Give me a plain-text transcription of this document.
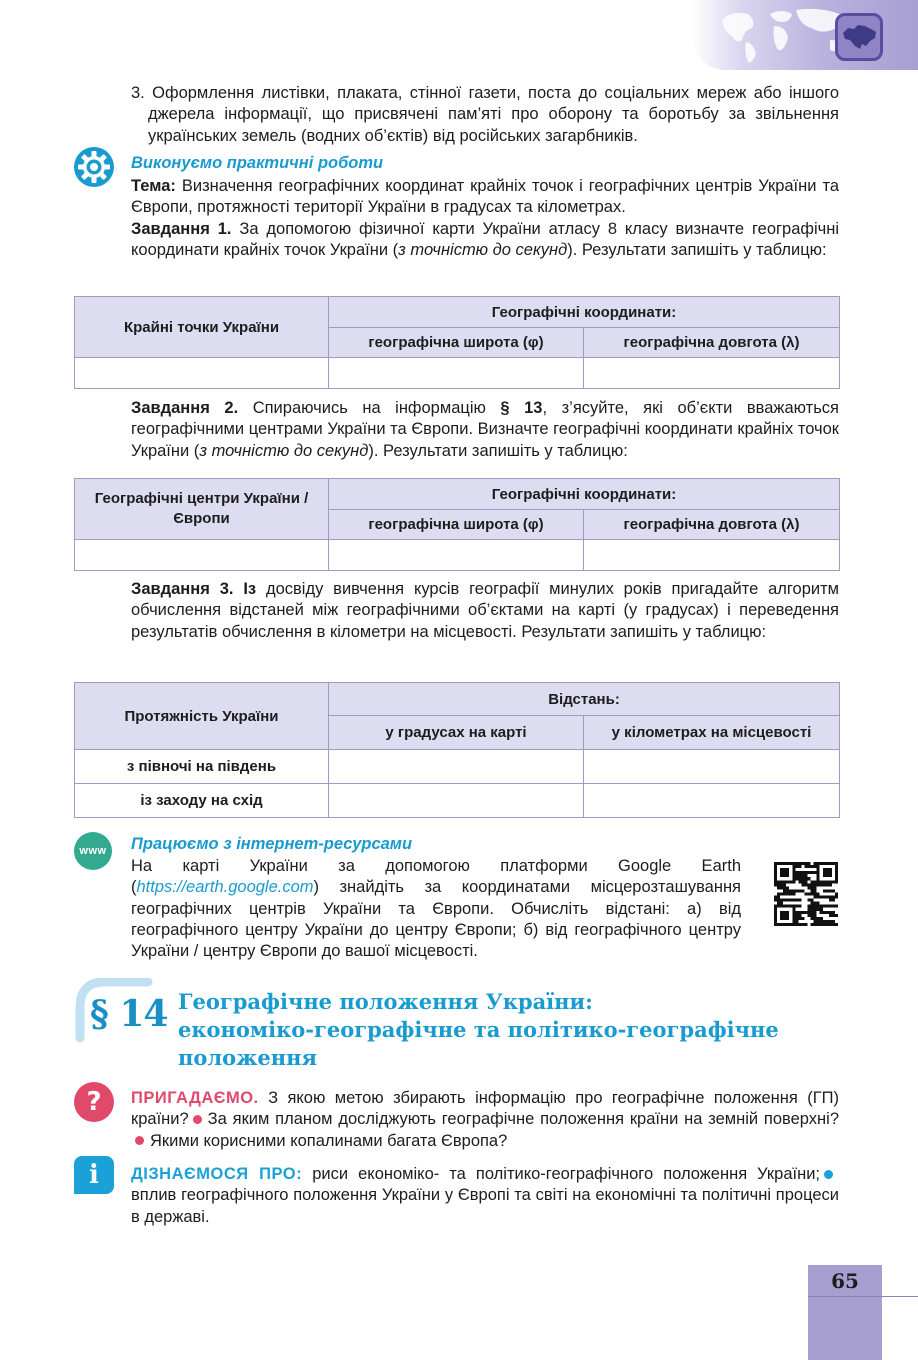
3. Оформлення листівки, плаката, стінної газети, поста до соціальних мереж або іншого джерела інформації, що присвячені пам’яті про оборону та боротьбу за звільнення українських земель (водних об’єктів) від російських загарбників.
Виконуємо практичні роботи
Тема: Визначення географічних координат крайніх точок і географічних центрів України та Європи, протяжності території України в градусах та кілометрах.
Завдання 1. За допомогою фізичної карти України атласу 8 класу визначте географічні координати крайніх точок України (з точністю до секунд). Результати запишіть у таблицю:
Крайні точки України	Географічні координати:	
	географічна широта (φ)	географічна довгота (λ)

Завдання 2. Спираючись на інформацію § 13, з’ясуйте, які об’єкти вважаються географічними центрами України та Європи. Визначте географічні координати крайніх точок України (з точністю до секунд). Результати запишіть у таблицю:
Географічні центри України / Європи	Географічні координати:	
	географічна широта (φ)	географічна довгота (λ)

Завдання 3. Із досвіду вивчення курсів географії минулих років пригадайте алгоритм обчислення відстаней між географічними об’єктами на карті (у градусах) і переведення результатів обчислення в кілометри на місцевості. Результати запишіть у таблицю:
Протяжність України	Відстань:	
	у градусах на карті	у кілометрах на місцевості
з півночі на південь		
із заходу на схід		
www	Працюємо з інтернет-ресурсами
На карті України за допомогою платформи Google Earth (https://earth.google.com) знайдіть за координатами місцерозташування географічних центрів України та Європи. Обчисліть відстані: а) від географічного центру України до центру Європи; б) від географічного центру України / центру Європи до вашої місцевості.
§ 14 Географічне положення України:
економіко-географічне та політико-географічне
положення
?	ПРИГАДАЄМО. З якою метою збирають інформацію про географічне положення (ГП) країни? За яким планом досліджують географічне положення країни на земній поверхні?Якими корисними копалинами багата Європа?
i	ДІЗНАЄМОСЯ ПРО: риси економіко- та політико-географічного положення України;вплив географічного положення України у Європі та світі на економічні та політичні процеси в державі.
65
